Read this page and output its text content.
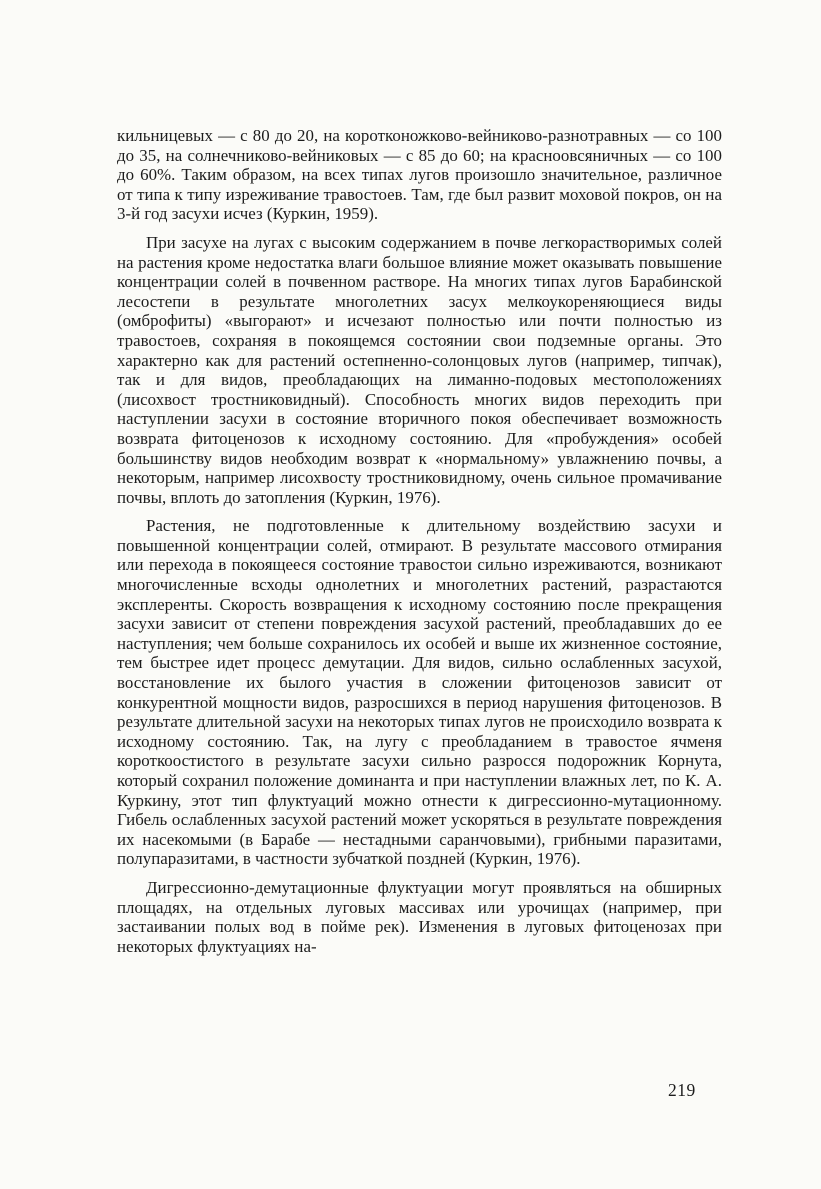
кильницевых — с 80 до 20, на коротконожково-вейниково-разнотравных — со 100 до 35, на солнечниково-вейниковых — с 85 до 60; на красноовсяничных — со 100 до 60%. Таким образом, на всех типах лугов произошло значительное, различное от типа к типу изреживание травостоев. Там, где был развит моховой покров, он на 3-й год засухи исчез (Куркин, 1959).

При засухе на лугах с высоким содержанием в почве легкорастворимых солей на растения кроме недостатка влаги большое влияние может оказывать повышение концентрации солей в почвенном растворе. На многих типах лугов Барабинской лесостепи в результате многолетних засух мелкоукореняющиеся виды (омброфиты) «выгорают» и исчезают полностью или почти полностью из травостоев, сохраняя в покоящемся состоянии свои подземные органы. Это характерно как для растений остепненно-солонцовых лугов (например, типчак), так и для видов, преобладающих на лиманно-подовых местоположениях (лисохвост тростниковидный). Способность многих видов переходить при наступлении засухи в состояние вторичного покоя обеспечивает возможность возврата фитоценозов к исходному состоянию. Для «пробуждения» особей большинству видов необходим возврат к «нормальному» увлажнению почвы, а некоторым, например лисохвосту тростниковидному, очень сильное промачивание почвы, вплоть до затопления (Куркин, 1976).

Растения, не подготовленные к длительному воздействию засухи и повышенной концентрации солей, отмирают. В результате массового отмирания или перехода в покоящееся состояние травостои сильно изреживаются, возникают многочисленные всходы однолетних и многолетних растений, разрастаются эксплеренты. Скорость возвращения к исходному состоянию после прекращения засухи зависит от степени повреждения засухой растений, преобладавших до ее наступления; чем больше сохранилось их особей и выше их жизненное состояние, тем быстрее идет процесс демутации. Для видов, сильно ослабленных засухой, восстановление их былого участия в сложении фитоценозов зависит от конкурентной мощности видов, разросшихся в период нарушения фитоценозов. В результате длительной засухи на некоторых типах лугов не происходило возврата к исходному состоянию. Так, на лугу с преобладанием в травостое ячменя короткоостистого в результате засухи сильно разросся подорожник Корнута, который сохранил положение доминанта и при наступлении влажных лет, по К. А. Куркину, этот тип флуктуаций можно отнести к дигрессионно-мутационному. Гибель ослабленных засухой растений может ускоряться в результате повреждения их насекомыми (в Барабе — нестадными саранчовыми), грибными паразитами, полупаразитами, в частности зубчаткой поздней (Куркин, 1976).

Дигрессионно-демутационные флуктуации могут проявляться на обширных площадях, на отдельных луговых массивах или урочищах (например, при застаивании полых вод в пойме рек). Изменения в луговых фитоценозах при некоторых флуктуациях на-

219
